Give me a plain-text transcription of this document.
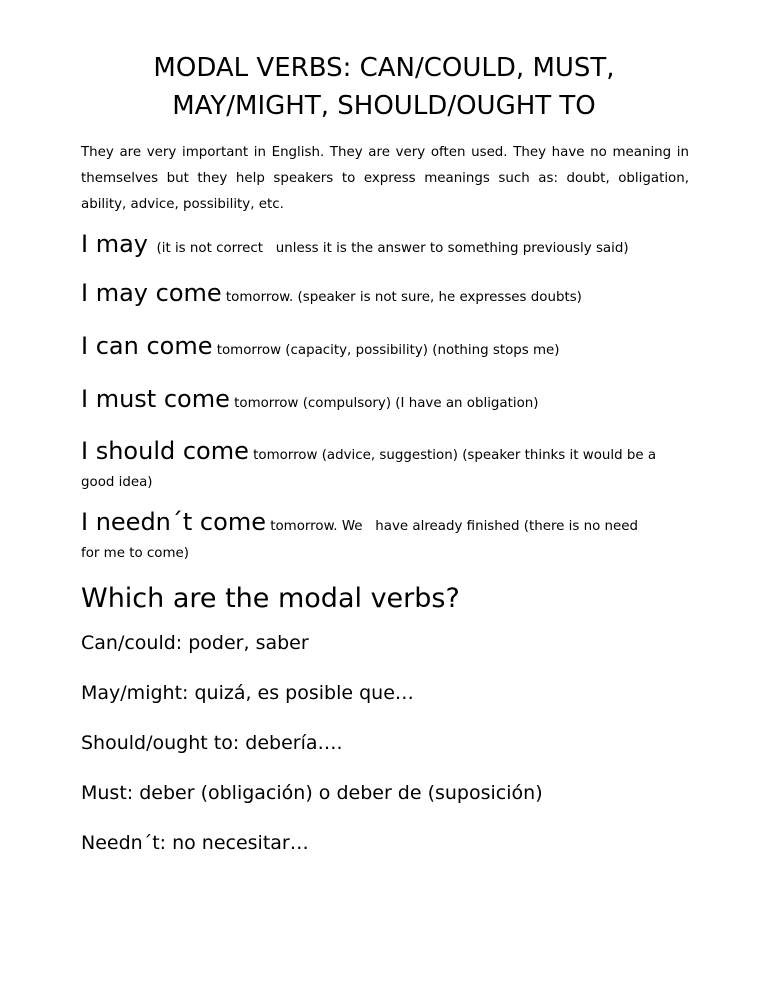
MODAL VERBS: CAN/COULD, MUST,
MAY/MIGHT, SHOULD/OUGHT TO
They are very important in English. They are very often used. They have no meaning in themselves but they help speakers to express meanings such as: doubt, obligation, ability, advice, possibility, etc.
I may  (it is not correct   unless it is the answer to something previously said)
I may come tomorrow. (speaker is not sure, he expresses doubts)
I can come tomorrow (capacity, possibility) (nothing stops me)
I must come tomorrow (compulsory) (I have an obligation)
I should come tomorrow (advice, suggestion) (speaker thinks it would be a
good idea)
I needn´t come tomorrow. We   have already finished (there is no need
for me to come)
Which are the modal verbs?
Can/could: poder, saber
May/might: quizá, es posible que…
Should/ought to: debería….
Must: deber (obligación) o deber de (suposición)
Needn´t: no necesitar…
